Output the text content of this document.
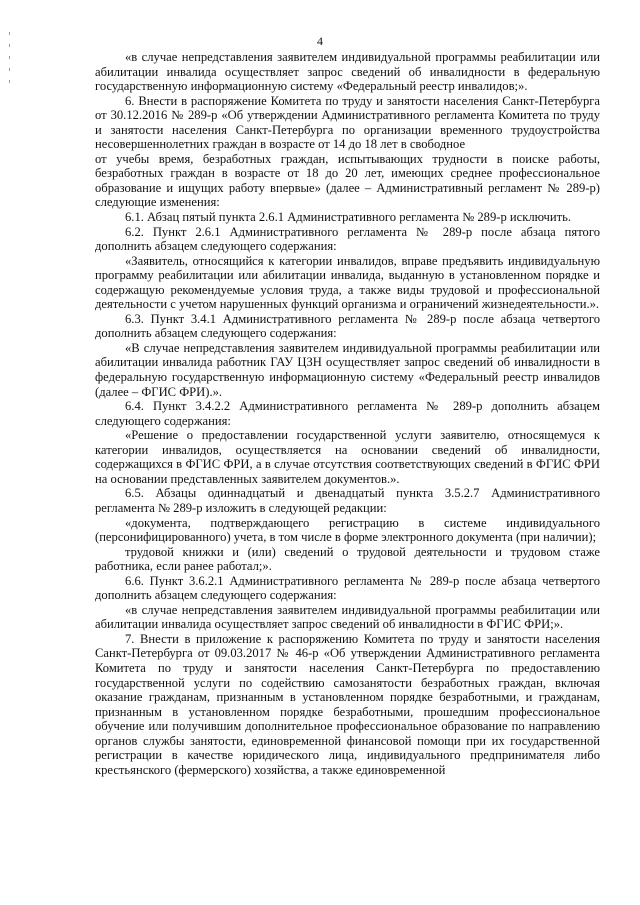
4

«в случае непредставления заявителем индивидуальной программы реабилитации или абилитации инвалида осуществляет запрос сведений об инвалидности в федеральную государственную информационную систему «Федеральный реестр инвалидов;».

6. Внести в распоряжение Комитета по труду и занятости населения Санкт-Петербурга от 30.12.2016 № 289-р «Об утверждении Административного регламента Комитета по труду и занятости населения Санкт-Петербурга по организации временного трудоустройства несовершеннолетних граждан в возрасте от 14 до 18 лет в свободное

от учебы время, безработных граждан, испытывающих трудности в поиске работы, безработных граждан в возрасте от 18 до 20 лет, имеющих среднее профессиональное образование и ищущих работу впервые» (далее – Административный регламент № 289-р) следующие изменения:

6.1. Абзац пятый пункта 2.6.1 Административного регламента № 289-р исключить.

6.2. Пункт 2.6.1 Административного регламента № 289-р после абзаца пятого дополнить абзацем следующего содержания:

«Заявитель, относящийся к категории инвалидов, вправе предъявить индивидуальную программу реабилитации или абилитации инвалида, выданную в установленном порядке и содержащую рекомендуемые условия труда, а также виды трудовой и профессиональной деятельности с учетом нарушенных функций организма и ограничений жизнедеятельности.».

6.3. Пункт 3.4.1 Административного регламента № 289-р после абзаца четвертого дополнить абзацем следующего содержания:

«В случае непредставления заявителем индивидуальной программы реабилитации или абилитации инвалида работник ГАУ ЦЗН осуществляет запрос сведений об инвалидности в федеральную государственную информационную систему «Федеральный реестр инвалидов (далее – ФГИС ФРИ).».

6.4. Пункт 3.4.2.2 Административного регламента № 289-р дополнить абзацем следующего содержания:

«Решение о предоставлении государственной услуги заявителю, относящемуся к категории инвалидов, осуществляется на основании сведений об инвалидности, содержащихся в ФГИС ФРИ, а в случае отсутствия соответствующих сведений в ФГИС ФРИ на основании представленных заявителем документов.».

6.5. Абзацы одиннадцатый и двенадцатый пункта 3.5.2.7 Административного регламента № 289-р изложить в следующей редакции:

«документа, подтверждающего регистрацию в системе индивидуального (персонифицированного) учета, в том числе в форме электронного документа (при наличии);

трудовой книжки и (или) сведений о трудовой деятельности и трудовом стаже работника, если ранее работал;».

6.6. Пункт 3.6.2.1 Административного регламента № 289-р после абзаца четвертого дополнить абзацем следующего содержания:

«в случае непредставления заявителем индивидуальной программы реабилитации или абилитации инвалида осуществляет запрос сведений об инвалидности в ФГИС ФРИ;».

7. Внести в приложение к распоряжению Комитета по труду и занятости населения Санкт-Петербурга от 09.03.2017 № 46-р «Об утверждении Административного регламента Комитета по труду и занятости населения Санкт-Петербурга по предоставлению государственной услуги по содействию самозанятости безработных граждан, включая оказание гражданам, признанным в установленном порядке безработными, и гражданам, признанным в установленном порядке безработными, прошедшим профессиональное обучение или получившим дополнительное профессиональное образование по направлению органов службы занятости, единовременной финансовой помощи при их государственной регистрации в качестве юридического лица, индивидуального предпринимателя либо крестьянского (фермерского) хозяйства, а также единовременной
